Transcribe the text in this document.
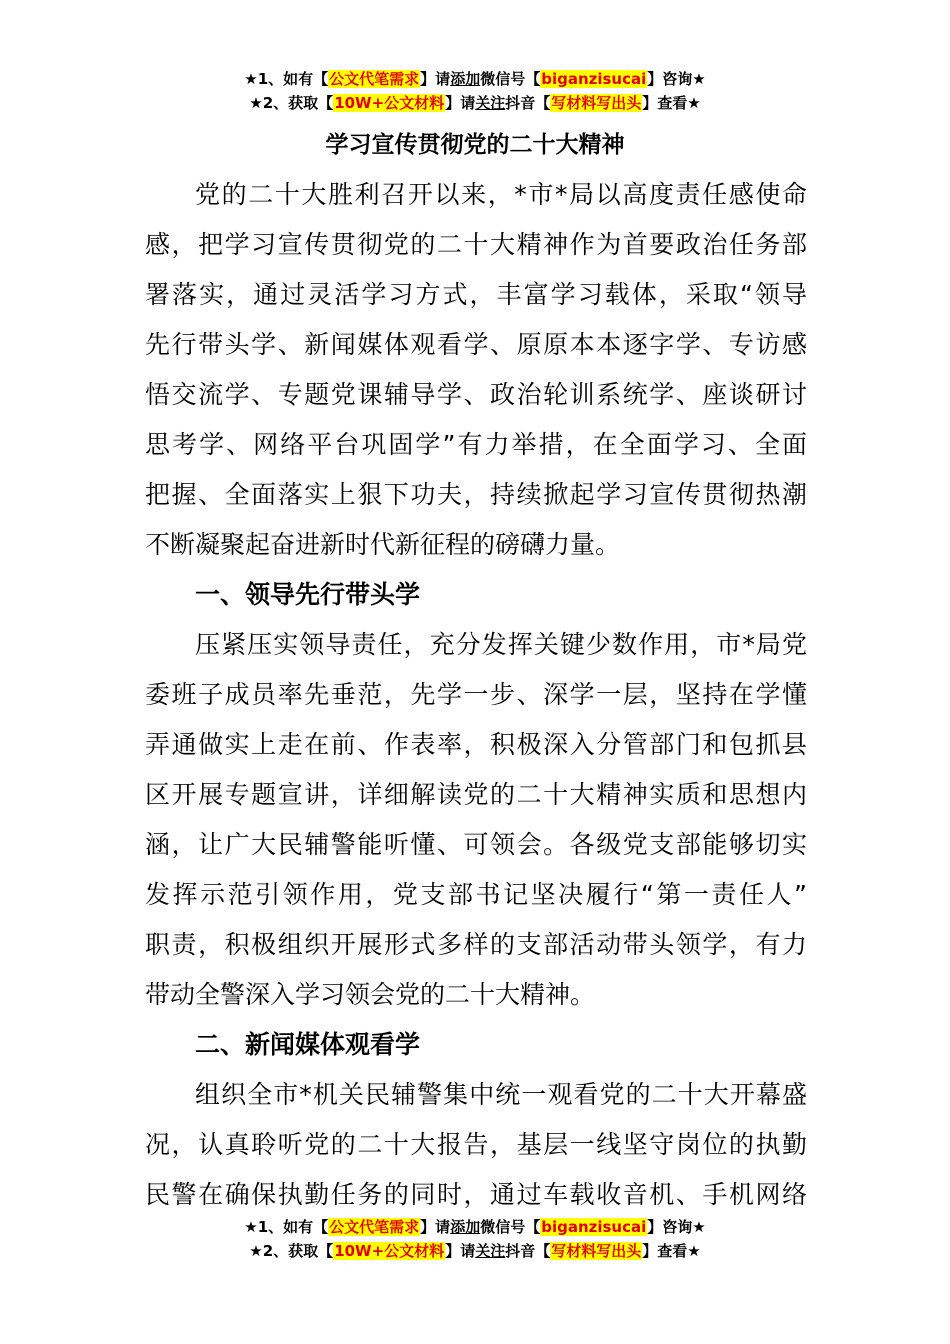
★1、如有【公文代笔需求】请添加微信号【biganzisucai】咨询★
★2、获取【10W+公文材料】请关注抖音【写材料写出头】查看★
学习宣传贯彻党的二十大精神
党的二十大胜利召开以来，*市*局以高度责任感使命
感，把学习宣传贯彻党的二十大精神作为首要政治任务部
署落实，通过灵活学习方式，丰富学习载体，采取“领导
先行带头学、新闻媒体观看学、原原本本逐字学、专访感
悟交流学、专题党课辅导学、政治轮训系统学、座谈研讨
思考学、网络平台巩固学”有力举措，在全面学习、全面
把握、全面落实上狠下功夫，持续掀起学习宣传贯彻热潮
不断凝聚起奋进新时代新征程的磅礴力量。
一、领导先行带头学
压紧压实领导责任，充分发挥关键少数作用，市*局党
委班子成员率先垂范，先学一步、深学一层，坚持在学懂
弄通做实上走在前、作表率，积极深入分管部门和包抓县
区开展专题宣讲，详细解读党的二十大精神实质和思想内
涵，让广大民辅警能听懂、可领会。各级党支部能够切实
发挥示范引领作用，党支部书记坚决履行“第一责任人”
职责，积极组织开展形式多样的支部活动带头领学，有力
带动全警深入学习领会党的二十大精神。
二、新闻媒体观看学
组织全市*机关民辅警集中统一观看党的二十大开幕盛
况，认真聆听党的二十大报告，基层一线坚守岗位的执勤
民警在确保执勤任务的同时，通过车载收音机、手机网络
★1、如有【公文代笔需求】请添加微信号【biganzisucai】咨询★
★2、获取【10W+公文材料】请关注抖音【写材料写出头】查看★
